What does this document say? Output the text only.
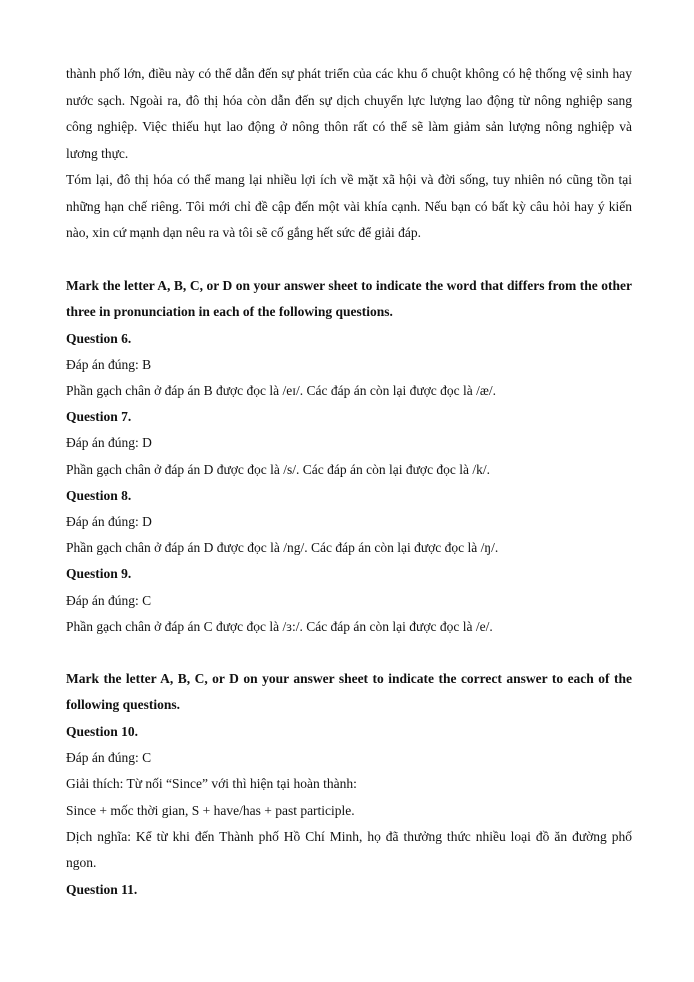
thành phố lớn, điều này có thể dẫn đến sự phát triển của các khu ổ chuột không có hệ thống vệ sinh hay nước sạch. Ngoài ra, đô thị hóa còn dẫn đến sự dịch chuyển lực lượng lao động từ nông nghiệp sang công nghiệp. Việc thiếu hụt lao động ở nông thôn rất có thể sẽ làm giảm sản lượng nông nghiệp và lương thực.

Tóm lại, đô thị hóa có thể mang lại nhiều lợi ích về mặt xã hội và đời sống, tuy nhiên nó cũng tồn tại những hạn chế riêng. Tôi mới chỉ đề cập đến một vài khía cạnh. Nếu bạn có bất kỳ câu hỏi hay ý kiến nào, xin cứ mạnh dạn nêu ra và tôi sẽ cố gắng hết sức để giải đáp.

Mark the letter A, B, C, or D on your answer sheet to indicate the word that differs from the other three in pronunciation in each of the following questions.

Question 6.

Đáp án đúng: B

Phần gạch chân ở đáp án B được đọc là /eɪ/. Các đáp án còn lại được đọc là /æ/.

Question 7.

Đáp án đúng: D

Phần gạch chân ở đáp án D được đọc là /s/. Các đáp án còn lại được đọc là /k/.

Question 8.

Đáp án đúng: D

Phần gạch chân ở đáp án D được đọc là /ng/. Các đáp án còn lại được đọc là /ŋ/.

Question 9.

Đáp án đúng: C

Phần gạch chân ở đáp án C được đọc là /ɜ:/. Các đáp án còn lại được đọc là /e/.

Mark the letter A, B, C, or D on your answer sheet to indicate the correct answer to each of the following questions.

Question 10.

Đáp án đúng: C

Giải thích: Từ nối “Since” với thì hiện tại hoàn thành:

Since + mốc thời gian, S + have/has + past participle.

Dịch nghĩa: Kể từ khi đến Thành phố Hồ Chí Minh, họ đã thưởng thức nhiều loại đồ ăn đường phố ngon.

Question 11.
